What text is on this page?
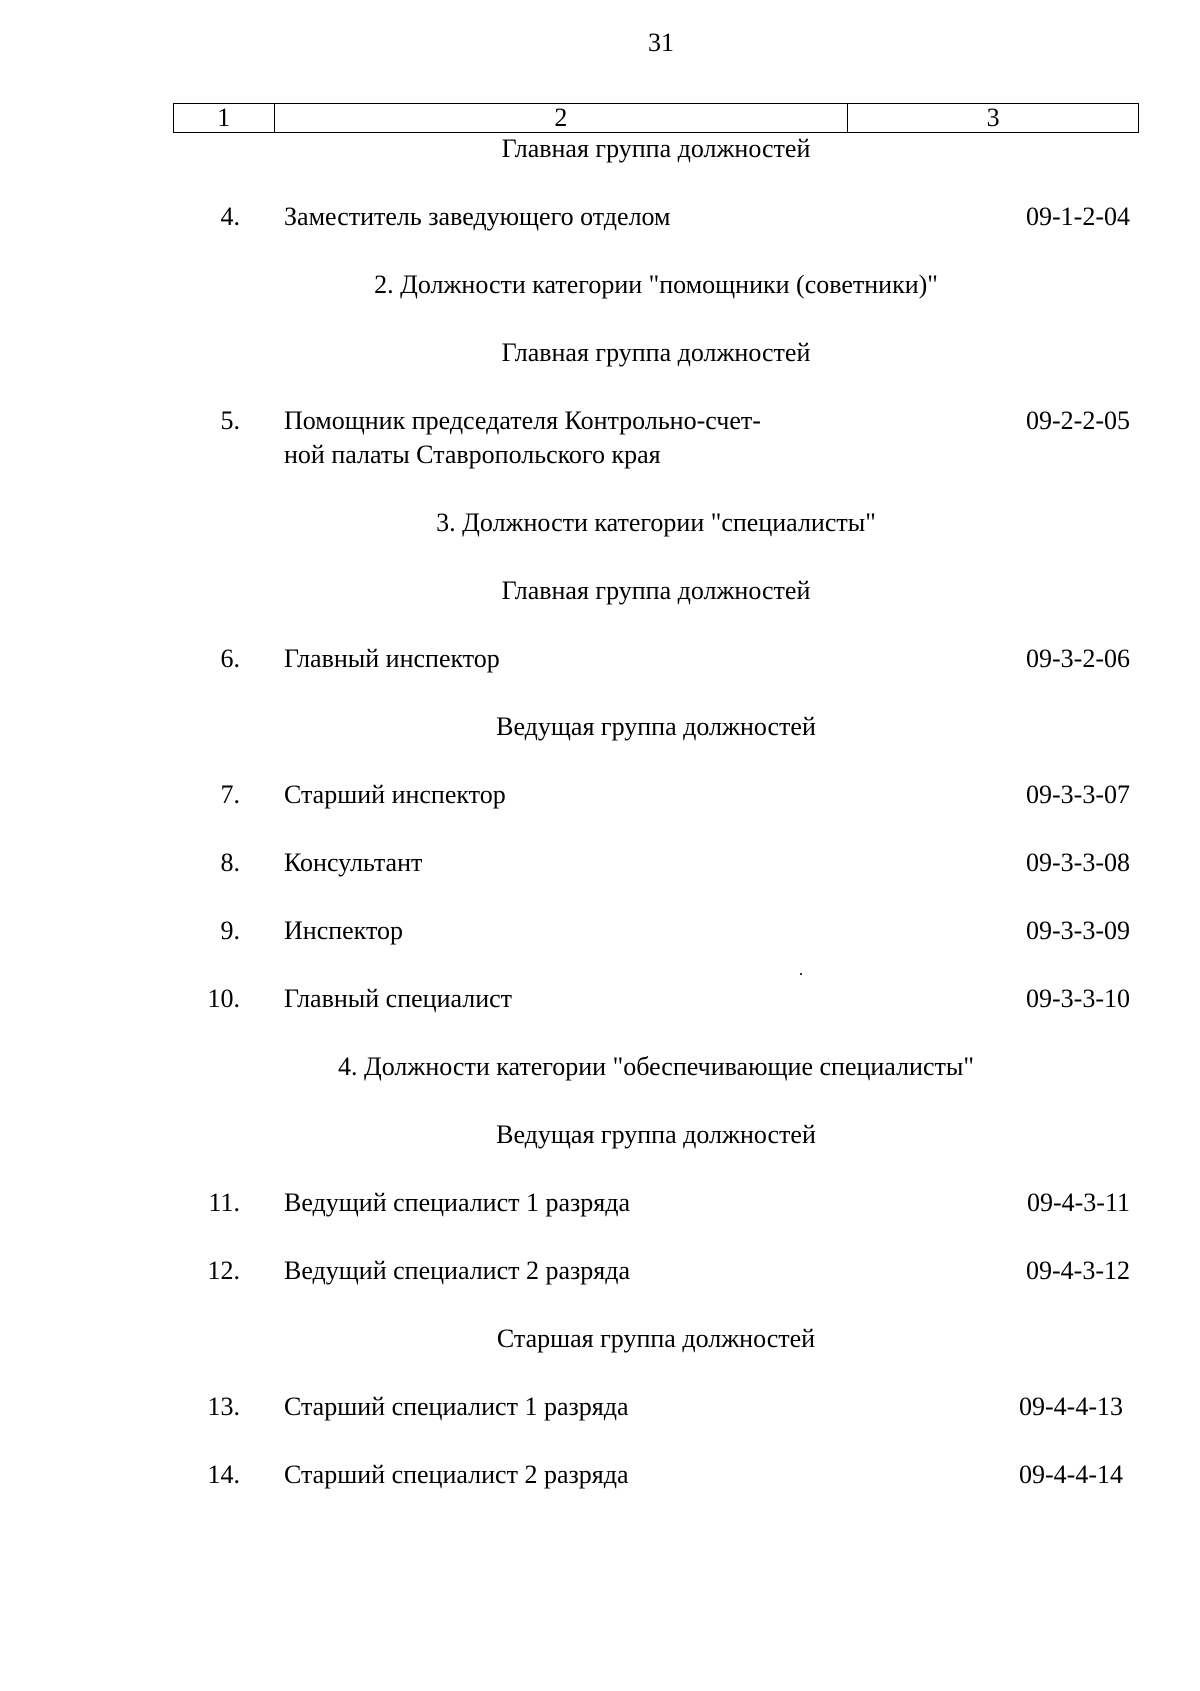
31
1	2	3
Главная группа должностей
4. Заместитель заведующего отделом	09-1-2-04
2. Должности категории "помощники (советники)"
Главная группа должностей
5. Помощник председателя Контрольно-счет-
ной палаты Ставропольского края
09-2-2-05
3. Должности категории "специалисты"
Главная группа должностей
6. Главный инспектор	09-3-2-06
Ведущая группа должностей
7. Старший инспектор	09-3-3-07
8. Консультант	09-3-3-08
9. Инспектор	09-3-3-09
10. Главный специалист	09-3-3-10
4. Должности категории "обеспечивающие специалисты"
Ведущая группа должностей
11. Ведущий специалист 1 разряда	09-4-3-11
12. Ведущий специалист 2 разряда	09-4-3-12
Старшая группа должностей
13. Старший специалист 1 разряда	09-4-4-13
14. Старший специалист 2 разряда	09-4-4-14
